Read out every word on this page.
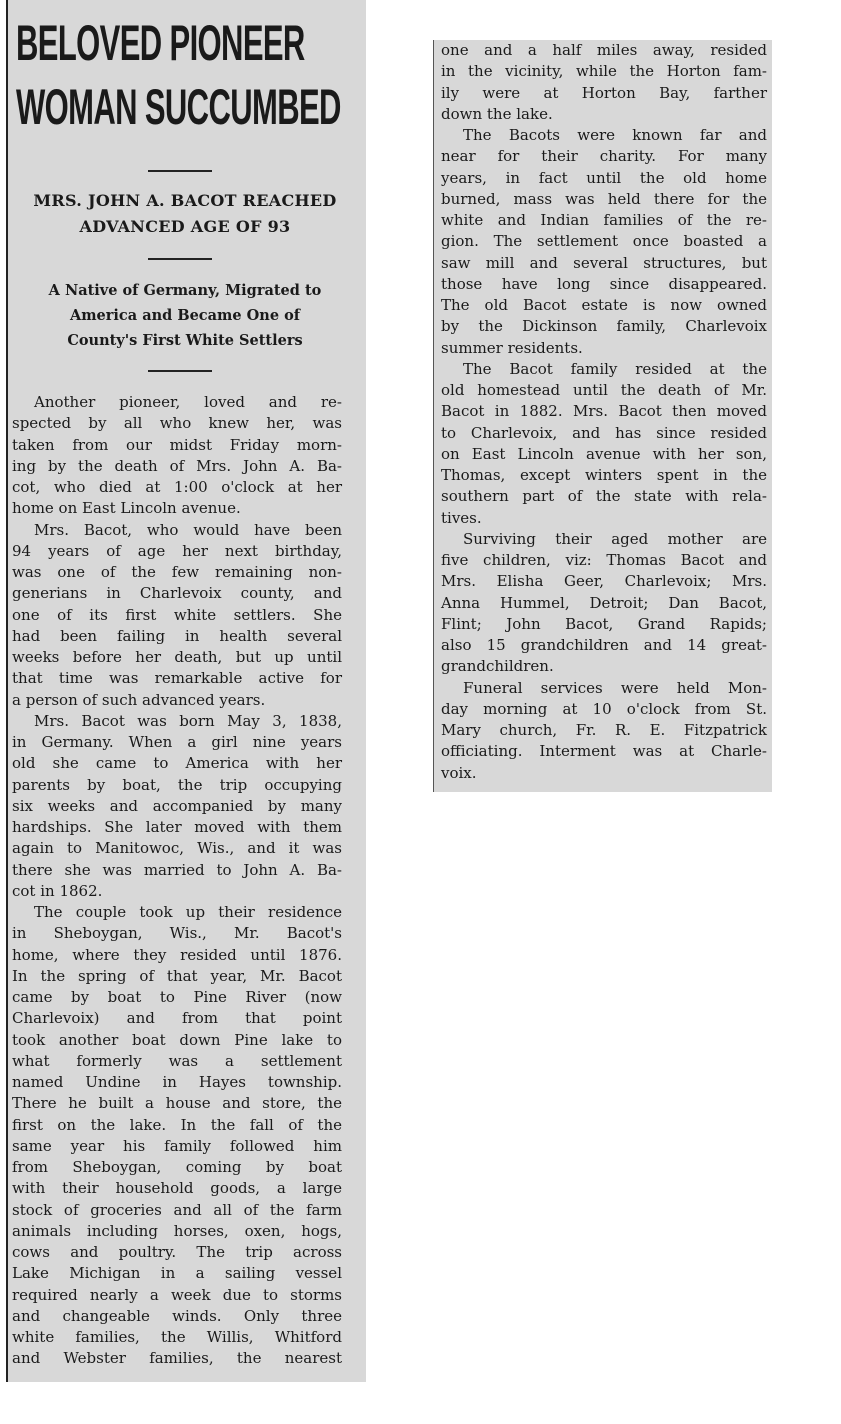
BELOVED PIONEER
WOMAN SUCCUMBED
MRS. JOHN A. BACOT REACHED
ADVANCED AGE OF 93
A Native of Germany, Migrated to
America and Became One of
County's First White Settlers
Another pioneer, loved and re-
spected by all who knew her, was
taken from our midst Friday morn-
ing by the death of Mrs. John A. Ba-
cot, who died at 1:00 o'clock at her
home on East Lincoln avenue.
Mrs. Bacot, who would have been
94 years of age her next birthday,
was one of the few remaining non-
generians in Charlevoix county, and
one of its first white settlers. She
had been failing in health several
weeks before her death, but up until
that time was remarkable active for
a person of such advanced years.
Mrs. Bacot was born May 3, 1838,
in Germany. When a girl nine years
old she came to America with her
parents by boat, the trip occupying
six weeks and accompanied by many
hardships. She later moved with them
again to Manitowoc, Wis., and it was
there she was married to John A. Ba-
cot in 1862.
The couple took up their residence
in Sheboygan, Wis., Mr. Bacot's
home, where they resided until 1876.
In the spring of that year, Mr. Bacot
came by boat to Pine River (now
Charlevoix) and from that point
took another boat down Pine lake to
what formerly was a settlement
named Undine in Hayes township.
There he built a house and store, the
first on the lake. In the fall of the
same year his family followed him
from Sheboygan, coming by boat
with their household goods, a large
stock of groceries and all of the farm
animals including horses, oxen, hogs,
cows and poultry. The trip across
Lake Michigan in a sailing vessel
required nearly a week due to storms
and changeable winds. Only three
white families, the Willis, Whitford
and Webster families, the nearest
one and a half miles away, resided
in the vicinity, while the Horton fam-
ily were at Horton Bay, farther
down the lake.
The Bacots were known far and
near for their charity. For many
years, in fact until the old home
burned, mass was held there for the
white and Indian families of the re-
gion. The settlement once boasted a
saw mill and several structures, but
those have long since disappeared.
The old Bacot estate is now owned
by the Dickinson family, Charlevoix
summer residents.
The Bacot family resided at the
old homestead until the death of Mr.
Bacot in 1882. Mrs. Bacot then moved
to Charlevoix, and has since resided
on East Lincoln avenue with her son,
Thomas, except winters spent in the
southern part of the state with rela-
tives.
Surviving their aged mother are
five children, viz: Thomas Bacot and
Mrs. Elisha Geer, Charlevoix; Mrs.
Anna Hummel, Detroit; Dan Bacot,
Flint; John Bacot, Grand Rapids;
also 15 grandchildren and 14 great-
grandchildren.
Funeral services were held Mon-
day morning at 10 o'clock from St.
Mary church, Fr. R. E. Fitzpatrick
officiating. Interment was at Charle-
voix.
